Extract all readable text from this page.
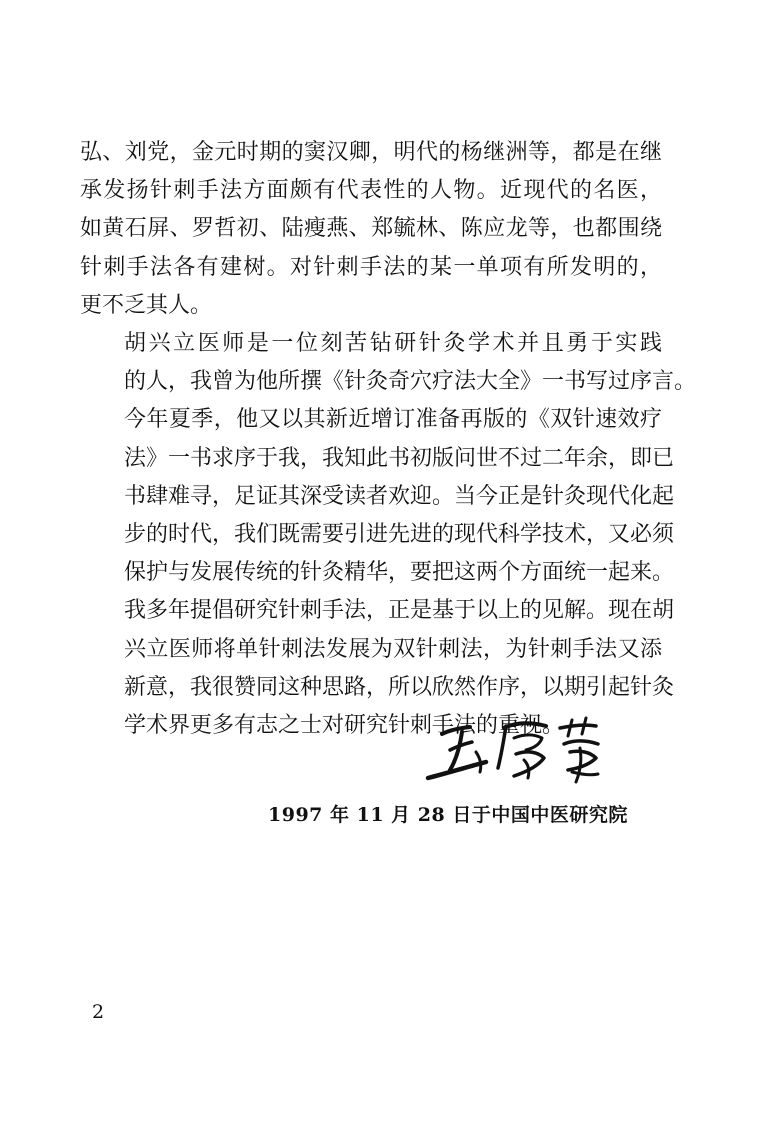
弘、刘党，金元时期的窦汉卿，明代的杨继洲等，都是在继
承发扬针刺手法方面颇有代表性的人物。近现代的名医，
如黄石屏、罗哲初、陆瘦燕、郑毓林、陈应龙等，也都围绕
针刺手法各有建树。对针刺手法的某一单项有所发明的，
更不乏其人。

胡兴立医师是一位刻苦钻研针灸学术并且勇于实践
的人，我曾为他所撰《针灸奇穴疗法大全》一书写过序言。
今年夏季，他又以其新近增订准备再版的《双针速效疗
法》一书求序于我，我知此书初版问世不过二年余，即已
书肆难寻，足证其深受读者欢迎。当今正是针灸现代化起
步的时代，我们既需要引进先进的现代科学技术，又必须
保护与发展传统的针灸精华，要把这两个方面统一起来。
我多年提倡研究针刺手法，正是基于以上的见解。现在胡
兴立医师将单针刺法发展为双针刺法，为针刺手法又添
新意，我很赞同这种思路，所以欣然作序，以期引起针灸
学术界更多有志之士对研究针刺手法的重视。

1997 年 11 月 28 日于中国中医研究院
2
